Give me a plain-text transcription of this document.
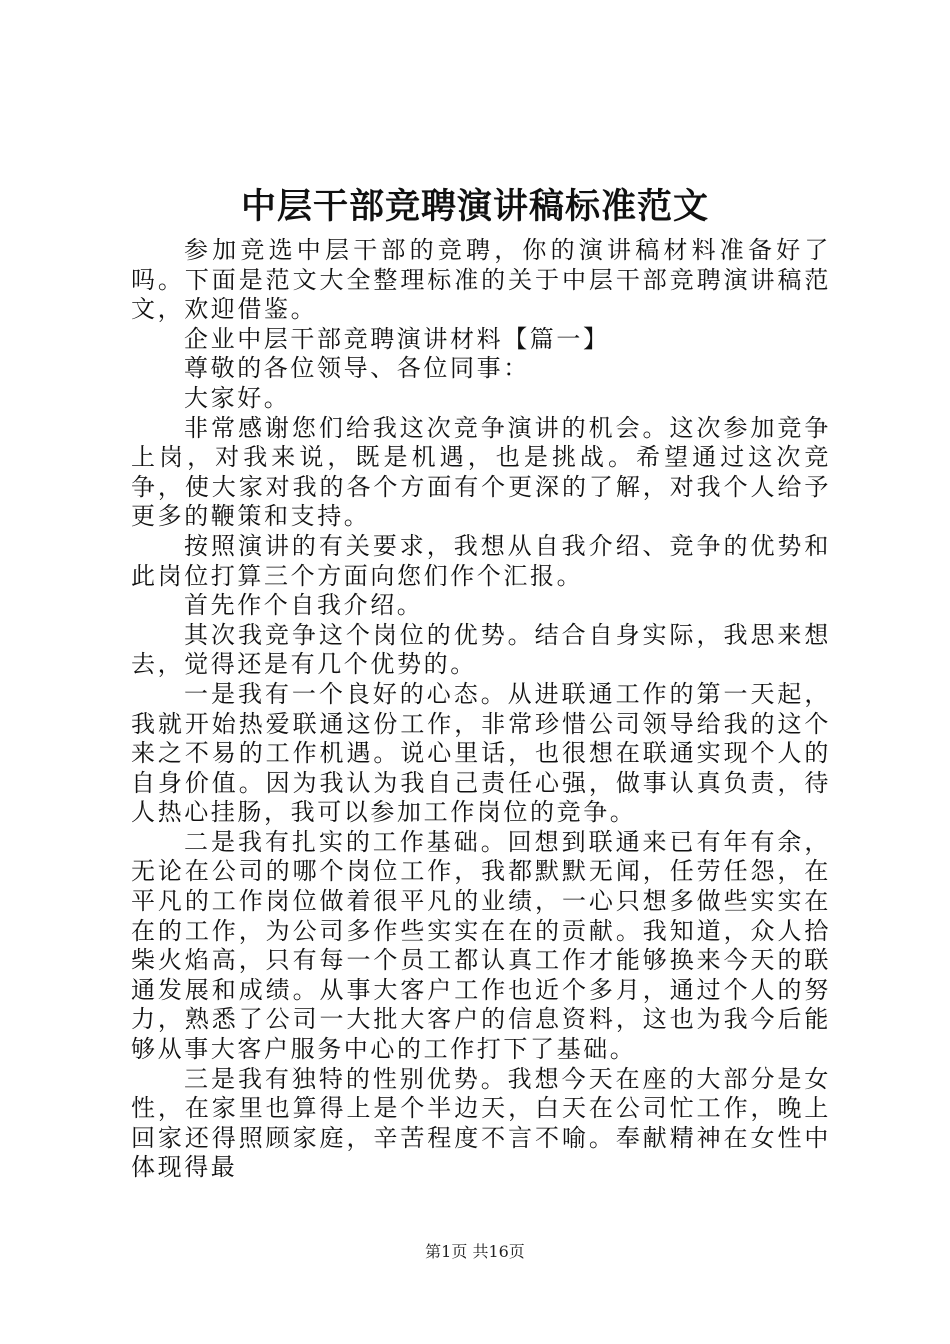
中层干部竞聘演讲稿标准范文

参加竞选中层干部的竞聘，你的演讲稿材料准备好了吗。下面是范文大全整理标准的关于中层干部竞聘演讲稿范文，欢迎借鉴。

企业中层干部竞聘演讲材料【篇一】

尊敬的各位领导、各位同事：

大家好。

非常感谢您们给我这次竞争演讲的机会。这次参加竞争上岗，对我来说，既是机遇，也是挑战。希望通过这次竞争，使大家对我的各个方面有个更深的了解，对我个人给予更多的鞭策和支持。

按照演讲的有关要求，我想从自我介绍、竞争的优势和此岗位打算三个方面向您们作个汇报。

首先作个自我介绍。

其次我竞争这个岗位的优势。结合自身实际，我思来想去，觉得还是有几个优势的。

一是我有一个良好的心态。从进联通工作的第一天起，我就开始热爱联通这份工作，非常珍惜公司领导给我的这个来之不易的工作机遇。说心里话，也很想在联通实现个人的自身价值。因为我认为我自己责任心强，做事认真负责，待人热心挂肠，我可以参加工作岗位的竞争。

二是我有扎实的工作基础。回想到联通来已有年有余，无论在公司的哪个岗位工作，我都默默无闻，任劳任怨，在平凡的工作岗位做着很平凡的业绩，一心只想多做些实实在在的工作，为公司多作些实实在在的贡献。我知道，众人拾柴火焰高，只有每一个员工都认真工作才能够换来今天的联通发展和成绩。从事大客户工作也近个多月，通过个人的努力，熟悉了公司一大批大客户的信息资料，这也为我今后能够从事大客户服务中心的工作打下了基础。

三是我有独特的性别优势。我想今天在座的大部分是女性，在家里也算得上是个半边天，白天在公司忙工作，晚上回家还得照顾家庭，辛苦程度不言不喻。奉献精神在女性中体现得最

第1页 共16页
